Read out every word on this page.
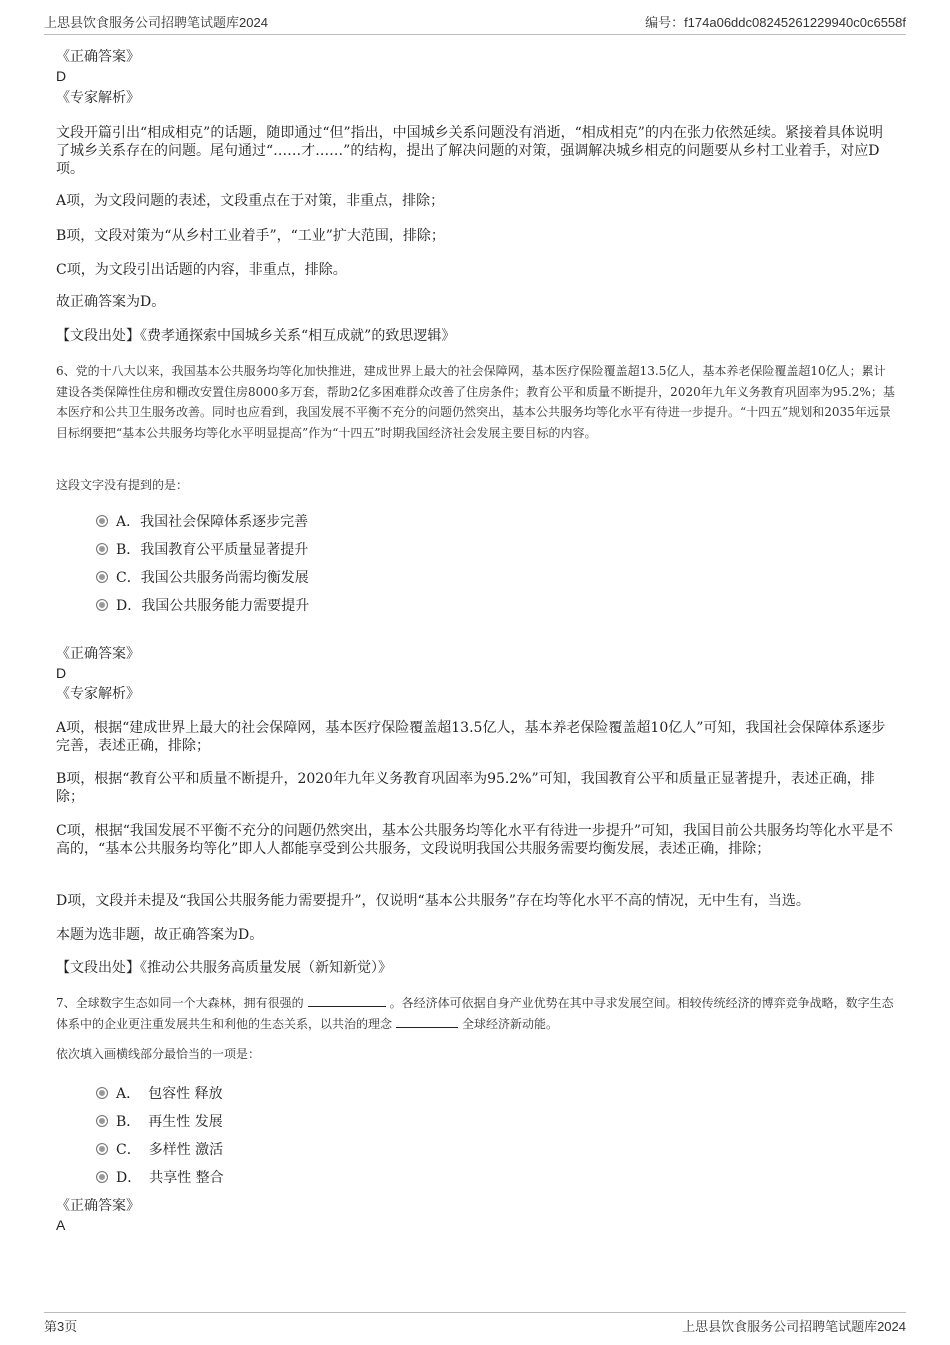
上思县饮食服务公司招聘笔试题库2024	编号：f174a06ddc08245261229940c0c6558f
《正确答案》
D
《专家解析》
文段开篇引出“相成相克”的话题，随即通过“但”指出，中国城乡关系问题没有消逝，“相成相克”的内在张力依然延续。紧接着具体说明了城乡关系存在的问题。尾句通过“……才……”的结构，提出了解决问题的对策，强调解决城乡相克的问题要从乡村工业着手，对应D项。
A项，为文段问题的表述，文段重点在于对策，非重点，排除；
B项，文段对策为“从乡村工业着手”，“工业”扩大范围，排除；
C项，为文段引出话题的内容，非重点，排除。
故正确答案为D。
【文段出处】《费孝通探索中国城乡关系“相互成就”的致思逻辑》
6、党的十八大以来，我国基本公共服务均等化加快推进，建成世界上最大的社会保障网，基本医疗保险覆盖超13.5亿人，基本养老保险覆盖超10亿人；累计建设各类保障性住房和棚改安置住房8000多万套，帮助2亿多困难群众改善了住房条件；教育公平和质量不断提升，2020年九年义务教育巩固率为95.2%；基本医疗和公共卫生服务改善。同时也应看到，我国发展不平衡不充分的问题仍然突出，基本公共服务均等化水平有待进一步提升。“十四五”规划和2035年远景目标纲要把“基本公共服务均等化水平明显提高”作为“十四五”时期我国经济社会发展主要目标的内容。
这段文字没有提到的是：
A． 我国社会保障体系逐步完善
B． 我国教育公平质量显著提升
C． 我国公共服务尚需均衡发展
D． 我国公共服务能力需要提升
《正确答案》
D
《专家解析》
A项，根据“建成世界上最大的社会保障网，基本医疗保险覆盖超13.5亿人，基本养老保险覆盖超10亿人”可知，我国社会保障体系逐步完善，表述正确，排除；
B项，根据“教育公平和质量不断提升，2020年九年义务教育巩固率为95.2%”可知，我国教育公平和质量正显著提升，表述正确，排除；
C项，根据“我国发展不平衡不充分的问题仍然突出，基本公共服务均等化水平有待进一步提升”可知，我国目前公共服务均等化水平是不高的，“基本公共服务均等化”即人人都能享受到公共服务，文段说明我国公共服务需要均衡发展，表述正确，排除；
D项，文段并未提及“我国公共服务能力需要提升”，仅说明“基本公共服务”存在均等化水平不高的情况，无中生有，当选。
本题为选非题，故正确答案为D。
【文段出处】《推动公共服务高质量发展（新知新觉）》
7、全球数字生态如同一个大森林，拥有很强的	。各经济体可依据自身产业优势在其中寻求发展空间。相较传统经济的博弈竞争战略，数字生态体系中的企业更注重发展共生和利他的生态关系，以共治的理念	全球经济新动能。
依次填入画横线部分最恰当的一项是：
A． 包容性 释放
B． 再生性 发展
C． 多样性 激活
D． 共享性 整合
《正确答案》
A
第3页	上思县饮食服务公司招聘笔试题库2024
